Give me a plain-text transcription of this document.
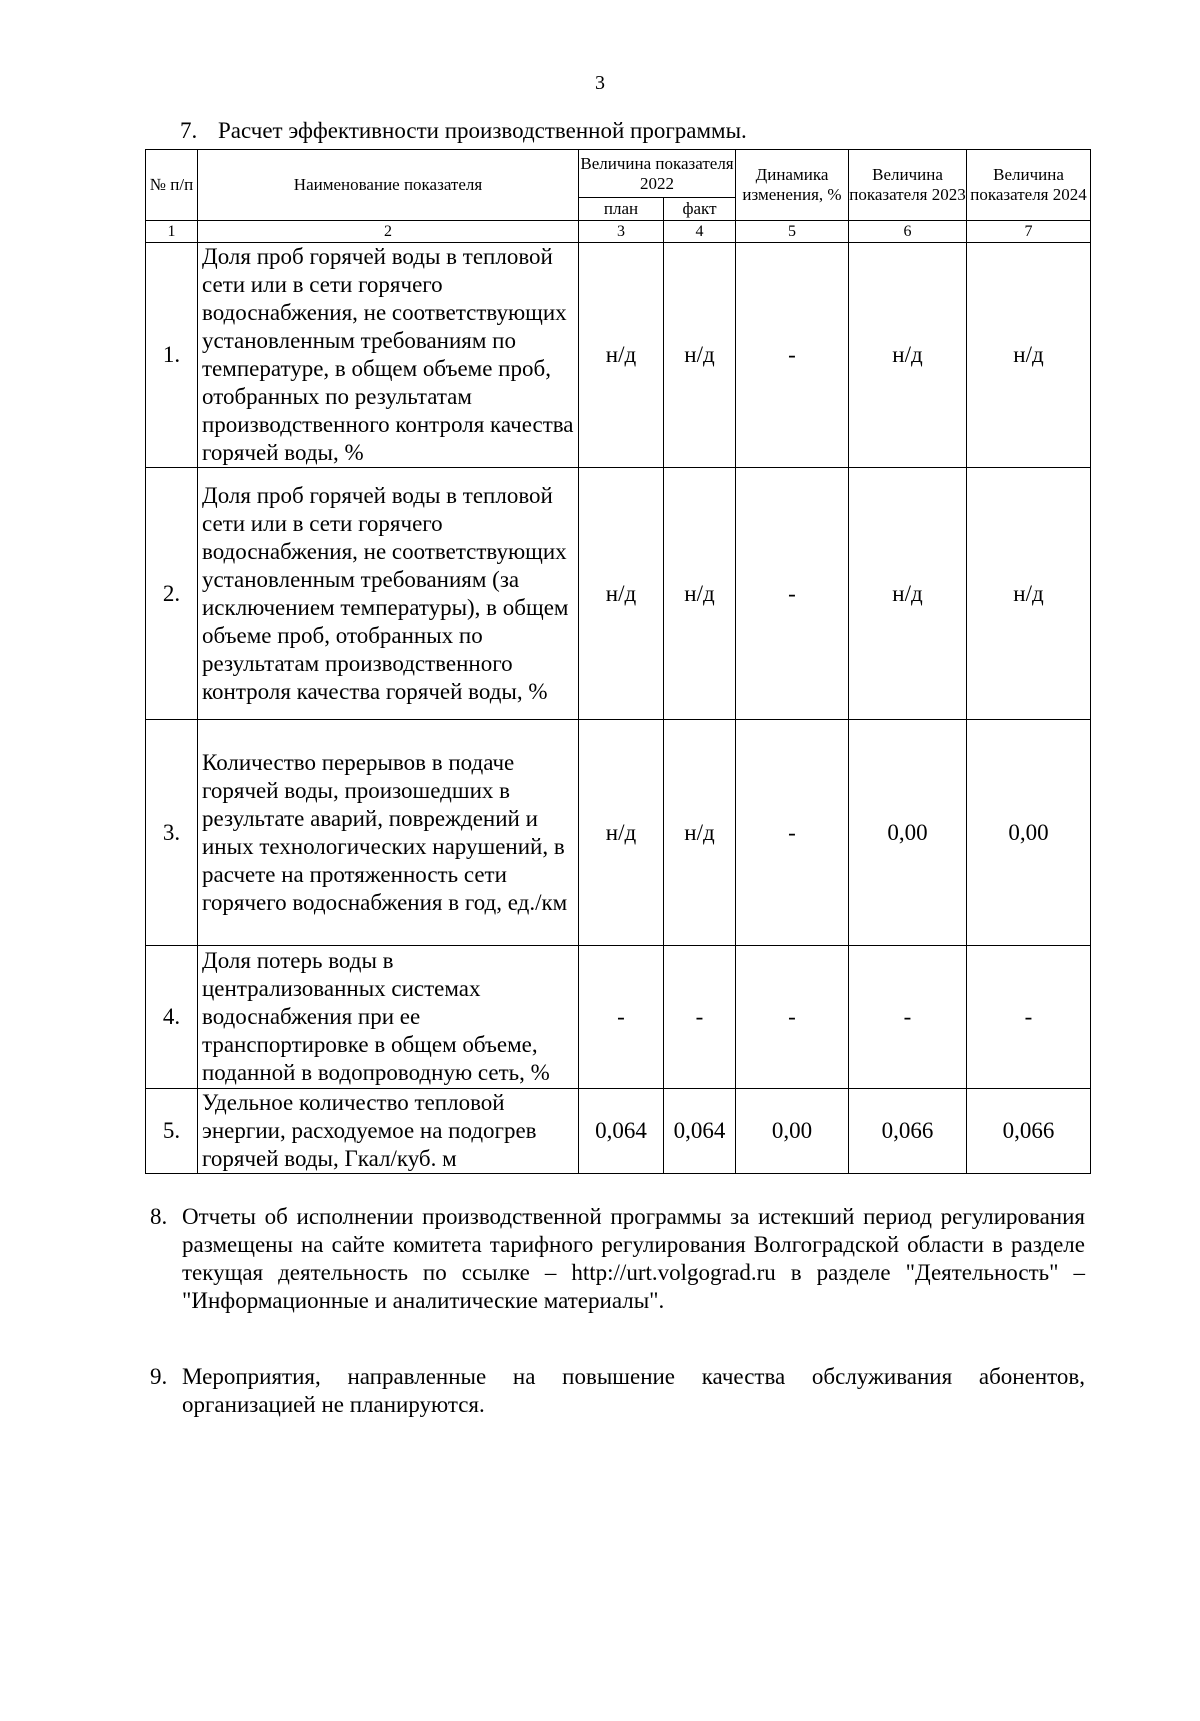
3
7. Расчет эффективности производственной программы.
№ п/п	Наименование показателя	Величина показателя 2022		Динамика изменения, %	Величина показателя 2023	Величина показателя 2024
		план	факт			
1	2	3	4	5	6	7
1.	Доля проб горячей воды в тепловой сети или в сети горячего водоснабжения, не соответствующих установленным требованиям по температуре, в общем объеме проб, отобранных по результатам производственного контроля качества горячей воды, %	н/д	н/д	-	н/д	н/д
2.	Доля проб горячей воды в тепловой сети или в сети горячего водоснабжения, не соответствующих установленным требованиям (за исключением температуры), в общем объеме проб, отобранных по результатам производственного контроля качества горячей воды, %	н/д	н/д	-	н/д	н/д
3.	Количество перерывов в подаче горячей воды, произошедших в результате аварий, повреждений и иных технологических нарушений, в расчете на протяженность сети горячего водоснабжения в год, ед./км	н/д	н/д	-	0,00	0,00
4.	Доля потерь воды в централизованных системах водоснабжения при ее транспортировке в общем объеме, поданной в водопроводную сеть, %	-	-	-	-	-
5.	Удельное количество тепловой энергии, расходуемое на подогрев горячей воды, Гкал/куб. м	0,064	0,064	0,00	0,066	0,066
8. Отчеты об исполнении производственной программы за истекший период регулирования размещены на сайте комитета тарифного регулирования Волгоградской области в разделе текущая деятельность по ссылке – http://urt.volgograd.ru в разделе "Деятельность" – "Информационные и аналитические материалы".
9. Мероприятия, направленные на повышение качества обслуживания абонентов, организацией не планируются.
